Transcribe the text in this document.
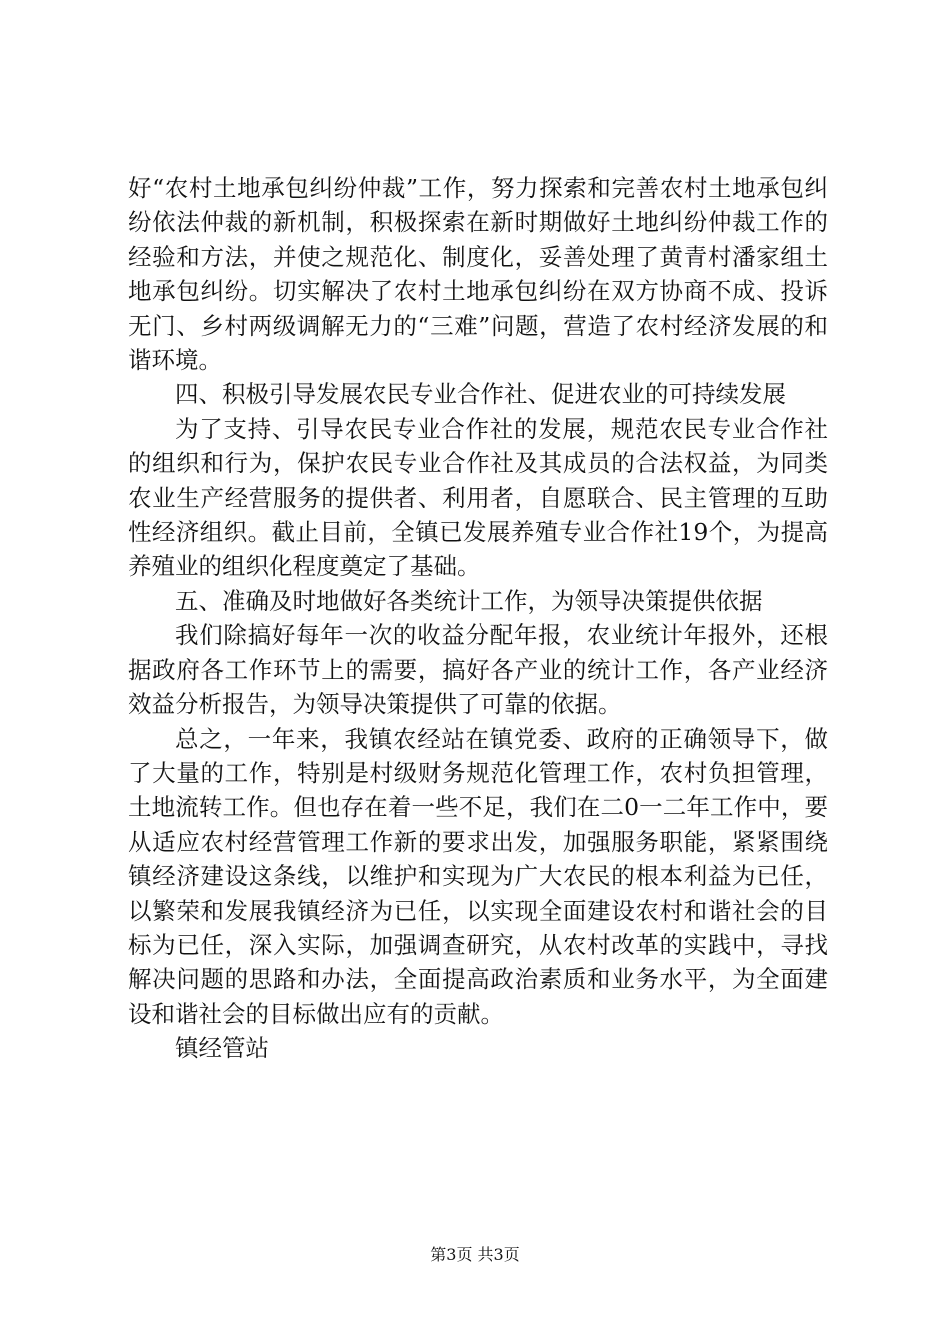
好“农村土地承包纠纷仲裁”工作，努力探索和完善农村土地承包纠纷依法仲裁的新机制，积极探索在新时期做好土地纠纷仲裁工作的经验和方法，并使之规范化、制度化，妥善处理了黄青村潘家组土地承包纠纷。切实解决了农村土地承包纠纷在双方协商不成、投诉无门、乡村两级调解无力的“三难”问题，营造了农村经济发展的和谐环境。

四、积极引导发展农民专业合作社、促进农业的可持续发展

为了支持、引导农民专业合作社的发展，规范农民专业合作社的组织和行为，保护农民专业合作社及其成员的合法权益，为同类农业生产经营服务的提供者、利用者，自愿联合、民主管理的互助性经济组织。截止目前，全镇已发展养殖专业合作社19个，为提高养殖业的组织化程度奠定了基础。

五、准确及时地做好各类统计工作，为领导决策提供依据

我们除搞好每年一次的收益分配年报，农业统计年报外，还根据政府各工作环节上的需要，搞好各产业的统计工作，各产业经济效益分析报告，为领导决策提供了可靠的依据。

总之，一年来，我镇农经站在镇党委、政府的正确领导下，做了大量的工作，特别是村级财务规范化管理工作，农村负担管理，土地流转工作。但也存在着一些不足，我们在二0一二年工作中，要从适应农村经营管理工作新的要求出发，加强服务职能，紧紧围绕镇经济建设这条线，以维护和实现为广大农民的根本利益为已任，以繁荣和发展我镇经济为已任，以实现全面建设农村和谐社会的目标为已任，深入实际，加强调查研究，从农村改革的实践中，寻找解决问题的思路和办法，全面提高政治素质和业务水平，为全面建设和谐社会的目标做出应有的贡献。

镇经管站

第3页 共3页
